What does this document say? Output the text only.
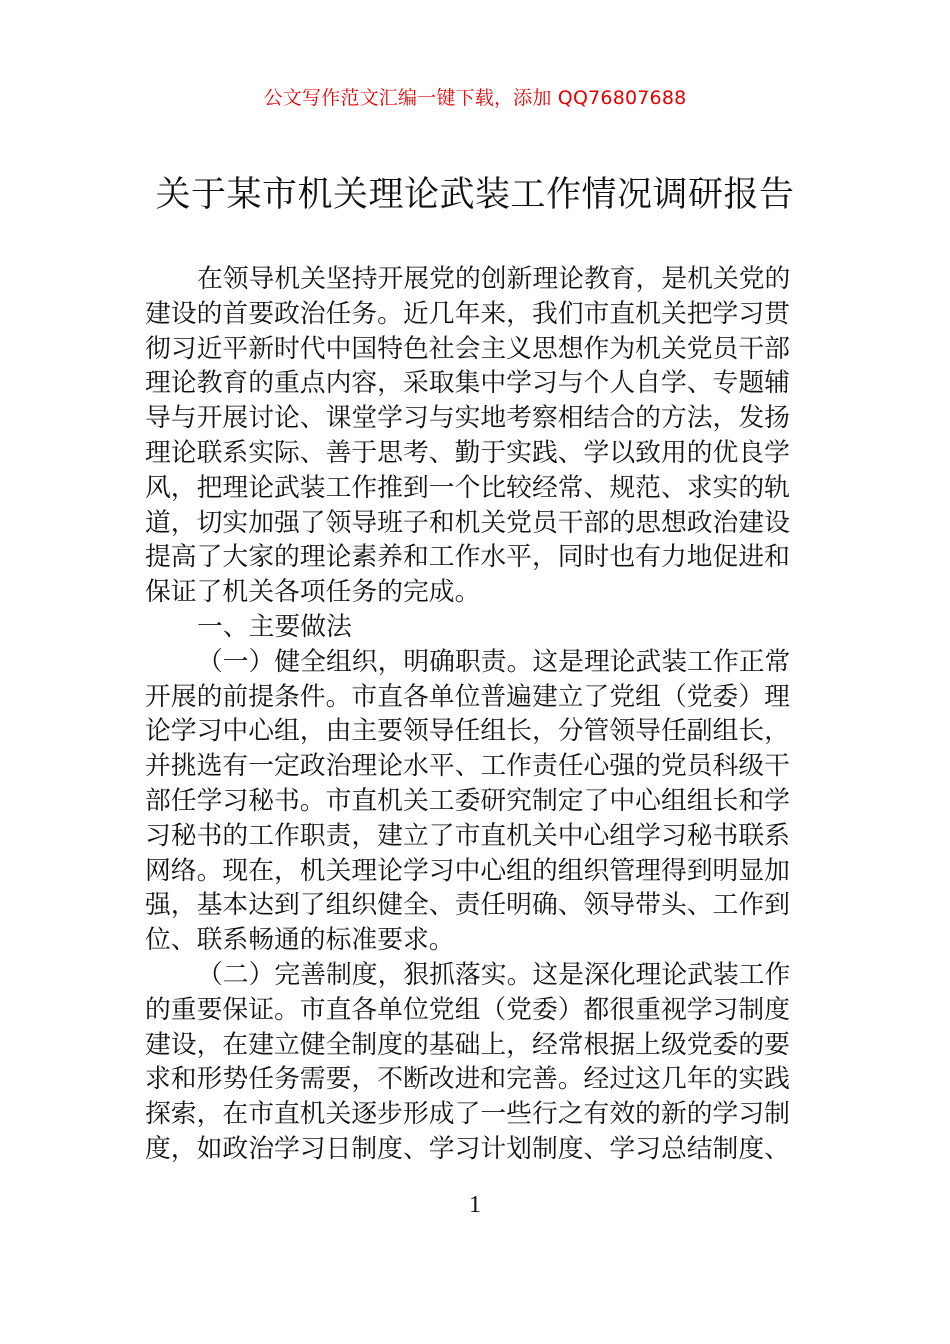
公文写作范文汇编一键下载，添加 QQ76807688
关于某市机关理论武装工作情况调研报告
在领导机关坚持开展党的创新理论教育，是机关党的
建设的首要政治任务。近几年来，我们市直机关把学习贯
彻习近平新时代中国特色社会主义思想作为机关党员干部
理论教育的重点内容，采取集中学习与个人自学、专题辅
导与开展讨论、课堂学习与实地考察相结合的方法，发扬
理论联系实际、善于思考、勤于实践、学以致用的优良学
风，把理论武装工作推到一个比较经常、规范、求实的轨
道，切实加强了领导班子和机关党员干部的思想政治建设
提高了大家的理论素养和工作水平，同时也有力地促进和
保证了机关各项任务的完成。
一、主要做法
（一）健全组织，明确职责。这是理论武装工作正常
开展的前提条件。市直各单位普遍建立了党组（党委）理
论学习中心组，由主要领导任组长，分管领导任副组长，
并挑选有一定政治理论水平、工作责任心强的党员科级干
部任学习秘书。市直机关工委研究制定了中心组组长和学
习秘书的工作职责，建立了市直机关中心组学习秘书联系
网络。现在，机关理论学习中心组的组织管理得到明显加
强，基本达到了组织健全、责任明确、领导带头、工作到
位、联系畅通的标准要求。
（二）完善制度，狠抓落实。这是深化理论武装工作
的重要保证。市直各单位党组（党委）都很重视学习制度
建设，在建立健全制度的基础上，经常根据上级党委的要
求和形势任务需要，不断改进和完善。经过这几年的实践
探索，在市直机关逐步形成了一些行之有效的新的学习制
度，如政治学习日制度、学习计划制度、学习总结制度、
1
